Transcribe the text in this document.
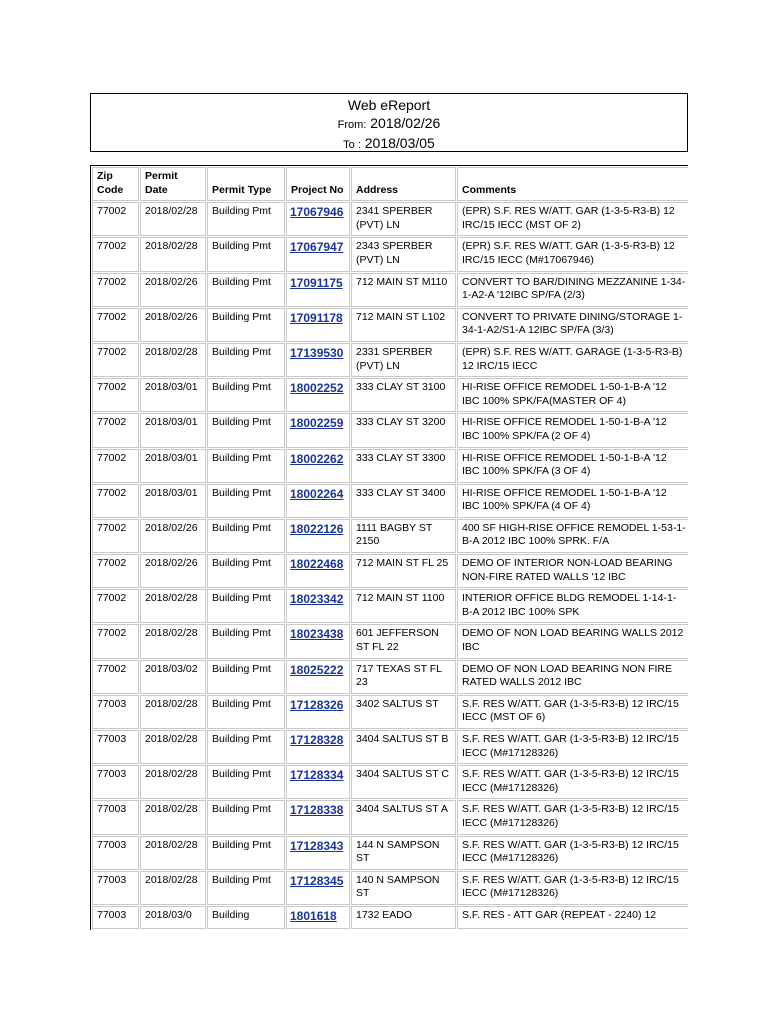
Web eReport
From: 2018/02/26
To : 2018/03/05
Zip Code	Permit Date	Permit Type	Project No	Address	Comments
77002	2018/02/28	Building Pmt	17067946	2341 SPERBER (PVT) LN	(EPR) S.F. RES W/ATT. GAR (1-3-5-R3-B) 12 IRC/15 IECC (MST OF 2)
77002	2018/02/28	Building Pmt	17067947	2343 SPERBER (PVT) LN	(EPR) S.F. RES W/ATT. GAR (1-3-5-R3-B) 12 IRC/15 IECC (M#17067946)
77002	2018/02/26	Building Pmt	17091175	712 MAIN ST M110	CONVERT TO BAR/DINING MEZZANINE 1-34-1-A2-A '12IBC SP/FA (2/3)
77002	2018/02/26	Building Pmt	17091178	712 MAIN ST L102	CONVERT TO PRIVATE DINING/STORAGE 1-34-1-A2/S1-A 12IBC SP/FA (3/3)
77002	2018/02/28	Building Pmt	17139530	2331 SPERBER (PVT) LN	(EPR) S.F. RES W/ATT. GARAGE (1-3-5-R3-B) 12 IRC/15 IECC
77002	2018/03/01	Building Pmt	18002252	333 CLAY ST 3100	HI-RISE OFFICE REMODEL 1-50-1-B-A '12 IBC 100% SPK/FA(MASTER OF 4)
77002	2018/03/01	Building Pmt	18002259	333 CLAY ST 3200	HI-RISE OFFICE REMODEL 1-50-1-B-A '12 IBC 100% SPK/FA (2 OF 4)
77002	2018/03/01	Building Pmt	18002262	333 CLAY ST 3300	HI-RISE OFFICE REMODEL 1-50-1-B-A '12 IBC 100% SPK/FA (3 OF 4)
77002	2018/03/01	Building Pmt	18002264	333 CLAY ST 3400	HI-RISE OFFICE REMODEL 1-50-1-B-A '12 IBC 100% SPK/FA (4 OF 4)
77002	2018/02/26	Building Pmt	18022126	1111 BAGBY ST 2150	400 SF HIGH-RISE OFFICE REMODEL 1-53-1-B-A 2012 IBC 100% SPRK. F/A
77002	2018/02/26	Building Pmt	18022468	712 MAIN ST FL 25	DEMO OF INTERIOR NON-LOAD BEARING NON-FIRE RATED WALLS '12 IBC
77002	2018/02/28	Building Pmt	18023342	712 MAIN ST 1100	INTERIOR OFFICE BLDG REMODEL 1-14-1-B-A 2012 IBC 100% SPK
77002	2018/02/28	Building Pmt	18023438	601 JEFFERSON ST FL 22	DEMO OF NON LOAD BEARING WALLS 2012 IBC
77002	2018/03/02	Building Pmt	18025222	717 TEXAS ST FL 23	DEMO OF NON LOAD BEARING NON FIRE RATED WALLS 2012 IBC
77003	2018/02/28	Building Pmt	17128326	3402 SALTUS ST	S.F. RES W/ATT. GAR (1-3-5-R3-B) 12 IRC/15 IECC (MST OF 6)
77003	2018/02/28	Building Pmt	17128328	3404 SALTUS ST B	S.F. RES W/ATT. GAR (1-3-5-R3-B) 12 IRC/15 IECC (M#17128326)
77003	2018/02/28	Building Pmt	17128334	3404 SALTUS ST C	S.F. RES W/ATT. GAR (1-3-5-R3-B) 12 IRC/15 IECC (M#17128326)
77003	2018/02/28	Building Pmt	17128338	3404 SALTUS ST A	S.F. RES W/ATT. GAR (1-3-5-R3-B) 12 IRC/15 IECC (M#17128326)
77003	2018/02/28	Building Pmt	17128343	144 N SAMPSON ST	S.F. RES W/ATT. GAR (1-3-5-R3-B) 12 IRC/15 IECC (M#17128326)
77003	2018/02/28	Building Pmt	17128345	140 N SAMPSON ST	S.F. RES W/ATT. GAR (1-3-5-R3-B) 12 IRC/15 IECC (M#17128326)
77003	2018/03/0	Building	1801618	1732 EADO	S.F. RES - ATT GAR (REPEAT - 2240) 12
